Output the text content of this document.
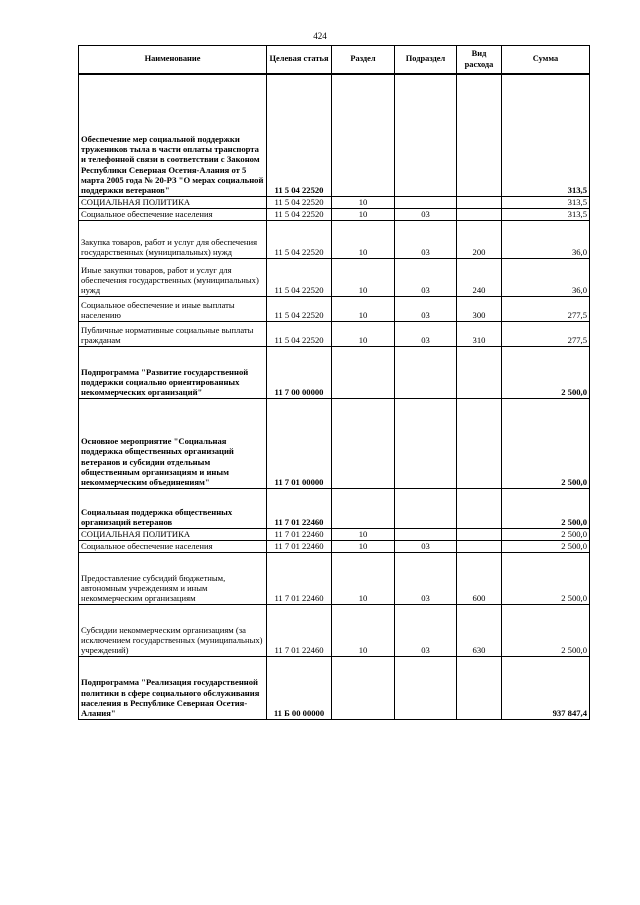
424
Наименование	Целевая статья	Раздел	Подраздел	Вид расхода	Сумма
Обеспечение мер социальной поддержки тружеников тыла в части оплаты транспорта и телефонной связи в соответствии с Законом Республики Северная Осетия-Алания от 5 марта 2005 года № 20-РЗ "О мерах социальной поддержки ветеранов"	11 5 04 22520				313,5
СОЦИАЛЬНАЯ ПОЛИТИКА	11 5 04 22520	10			313,5
Социальное обеспечение населения	11 5 04 22520	10	03		313,5
Закупка товаров, работ и услуг для обеспечения государственных (муниципальных) нужд	11 5 04 22520	10	03	200	36,0
Иные закупки товаров, работ и услуг для обеспечения государственных (муниципальных) нужд	11 5 04 22520	10	03	240	36,0
Социальное обеспечение и иные выплаты населению	11 5 04 22520	10	03	300	277,5
Публичные нормативные социальные выплаты гражданам	11 5 04 22520	10	03	310	277,5
Подпрограмма "Развитие государственной поддержки социально ориентированных некоммерческих организаций"	11 7 00 00000				2 500,0
Основное мероприятие "Социальная поддержка общественных организаций ветеранов и субсидии отдельным общественным организациям и иным некоммерческим объединениям"	11 7 01 00000				2 500,0
Социальная поддержка общественных организаций ветеранов	11 7 01 22460				2 500,0
СОЦИАЛЬНАЯ ПОЛИТИКА	11 7 01 22460	10			2 500,0
Социальное обеспечение населения	11 7 01 22460	10	03		2 500,0
Предоставление субсидий бюджетным, автономным учреждениям и иным некоммерческим организациям	11 7 01 22460	10	03	600	2 500,0
Субсидии некоммерческим организациям (за исключением государственных (муниципальных) учреждений)	11 7 01 22460	10	03	630	2 500,0
Подпрограмма "Реализация государственной политики в сфере социального обслуживания населения в Республике Северная Осетия-Алания"	11 Б 00 00000				937 847,4
